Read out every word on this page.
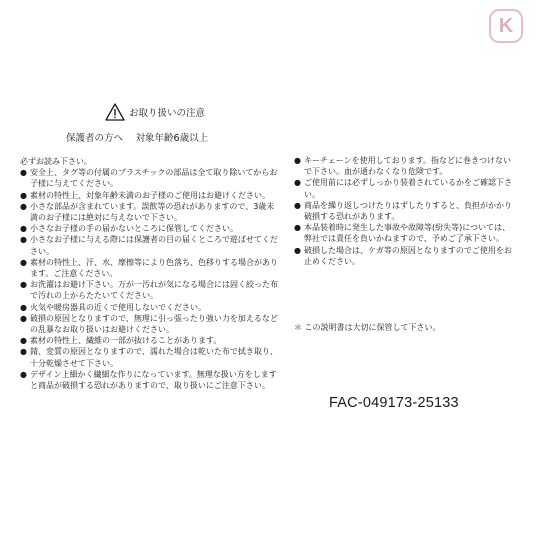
K
お取り扱いの注意
保護者の方へ　 対象年齢6歳以上
必ずお読み下さい。
● 安全上、タグ等の付属のプラスチックの部品は全て取り除いてからお子様に与えてください。
● 素材の特性上、対象年齢未満のお子様のご使用はお避けください。
● 小さな部品が含まれています。誤飲等の恐れがありますので、3歳未満のお子様には絶対に与えないで下さい。
● 小さなお子様の手の届かないところに保管してください。
● 小さなお子様に与える際には保護者の目の届くところで遊ばせてください。
● 素材の特性上、汗、水、摩擦等により色落ち、色移りする場合があります。ご注意ください。
● お洗濯はお避け下さい。万が一汚れが気になる場合には固く絞った布で汚れの上からたたいてください。
● 火気や暖房器具の近くで使用しないでください。
● 破損の原因となりますので、無理に引っ張ったり強い力を加えるなどの乱暴なお取り扱いはお避けください。
● 素材の特性上、繊維の一部が抜けることがあります。
● 錆、変質の原因となりますので、濡れた場合は乾いた布で拭き取り、十分乾燥させて下さい。
● デザイン上細かく繊細な作りになっています。無理な扱い方をしますと商品が破損する恐れがありますので、取り扱いにご注意下さい。
● キーチェーンを使用しております。指などに巻きつけないで下さい。血が通わなくなり危険です。
● ご使用前には必ずしっかり装着されているかをご確認下さい。
● 商品を繰り返しつけたりはずしたりすると、負担がかかり破損する恐れがあります。
● 本品装着時に発生した事故や故障等(紛失等)については、弊社では責任を負いかねますので、予めご了承下さい。
● 破損した場合は、ケガ等の原因となりますのでご使用をお止めください。
＊ この説明書は大切に保管して下さい。
FAC-049173-25133
